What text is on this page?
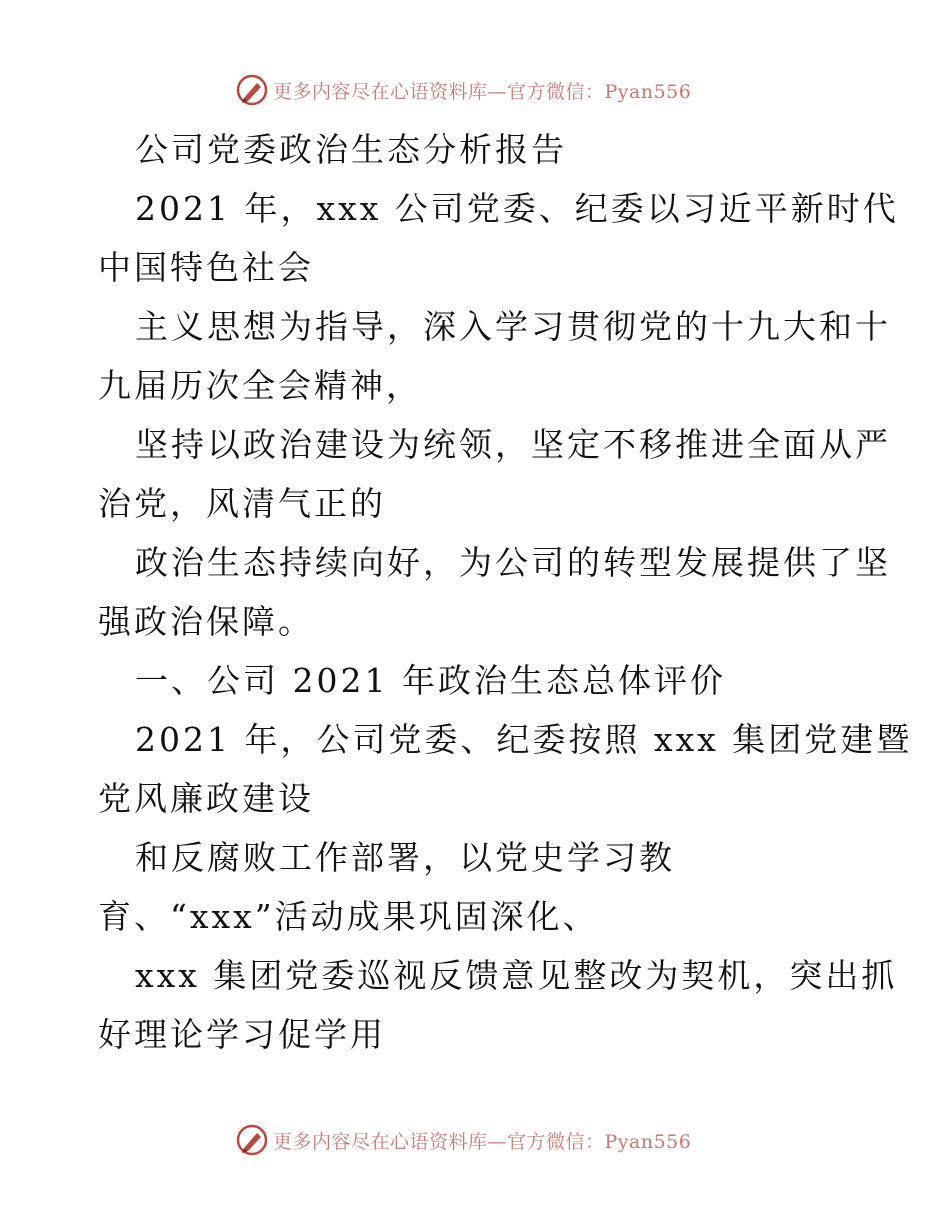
更多内容尽在心语资料库—官方微信：Pyan556
公司党委政治生态分析报告
2021 年，xxx 公司党委、纪委以习近平新时代
中国特色社会
主义思想为指导，深入学习贯彻党的十九大和十
九届历次全会精神，
坚持以政治建设为统领，坚定不移推进全面从严
治党，风清气正的
政治生态持续向好，为公司的转型发展提供了坚
强政治保障。
一、公司 2021 年政治生态总体评价
2021 年，公司党委、纪委按照 xxx 集团党建暨
党风廉政建设
和反腐败工作部署，以党史学习教
育、“xxx”活动成果巩固深化、
xxx 集团党委巡视反馈意见整改为契机，突出抓
好理论学习促学用
更多内容尽在心语资料库—官方微信：Pyan556
